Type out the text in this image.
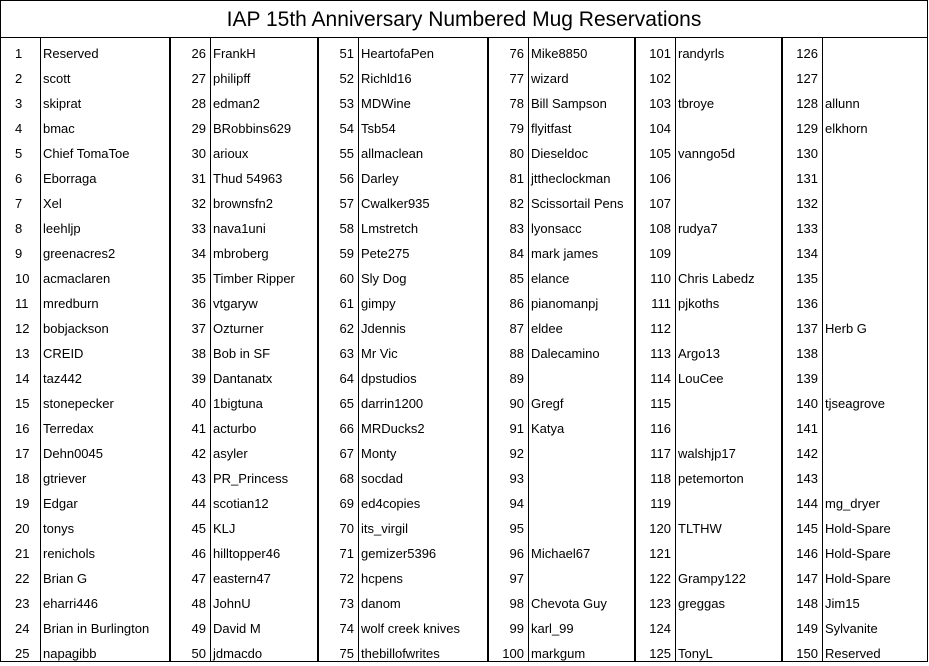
IAP 15th Anniversary Numbered Mug Reservations
1	Reserved
2	scott
3	skiprat
4	bmac
5	Chief TomaToe
6	Eborraga
7	Xel
8	leehljp
9	greenacres2
10	acmaclaren
11	mredburn
12	bobjackson
13	CREID
14	taz442
15	stonepecker
16	Terredax
17	Dehn0045
18	gtriever
19	Edgar
20	tonys
21	renichols
22	Brian G
23	eharri446
24	Brian in Burlington
25	napagibb
26 FrankH
27 philipff
28 edman2
29 BRobbins629
30 arioux
31 Thud 54963
32 brownsfn2
33 nava1uni
34 mbroberg
35 Timber Ripper
36 vtgaryw
37 Ozturner
38 Bob in SF
39 Dantanatx
40 1bigtuna
41 acturbo
42 asyler
43 PR_Princess
44 scotian12
45 KLJ
46 hilltopper46
47 eastern47
48 JohnU
49 David M
50 jdmacdo
51 HeartofaPen
52 Richld16
53 MDWine
54 Tsb54
55 allmaclean
56 Darley
57 Cwalker935
58 Lmstretch
59 Pete275
60 Sly Dog
61 gimpy
62 Jdennis
63 Mr Vic
64 dpstudios
65 darrin1200
66 MRDucks2
67 Monty
68 socdad
69 ed4copies
70 its_virgil
71 gemizer5396
72 hcpens
73 danom
74 wolf creek knives
75 thebillofwrites
76 Mike8850
77 wizard
78 Bill Sampson
79 flyitfast
80 Dieseldoc
81 jttheclockman
82 Scissortail Pens
83 lyonsacc
84 mark james
85 elance
86 pianomanpj
87 eldee
88 Dalecamino
89
90 Gregf
91 Katya
92
93
94
95
96 Michael67
97
98 Chevota Guy
99 karl_99
100 markgum
101 randyrls
102
103 tbroye
104
105 vanngo5d
106
107
108 rudya7
109
110 Chris Labedz
111 pjkoths
112
113 Argo13
114 LouCee
115
116
117 walshjp17
118 petemorton
119
120 TLTHW
121
122 Grampy122
123 greggas
124
125 TonyL
126
127
128 allunn
129 elkhorn
130
131
132
133
134
135
136
137 Herb G
138
139
140 tjseagrove
141
142
143
144 mg_dryer
145 Hold-Spare
146 Hold-Spare
147 Hold-Spare
148 Jim15
149 Sylvanite
150 Reserved
